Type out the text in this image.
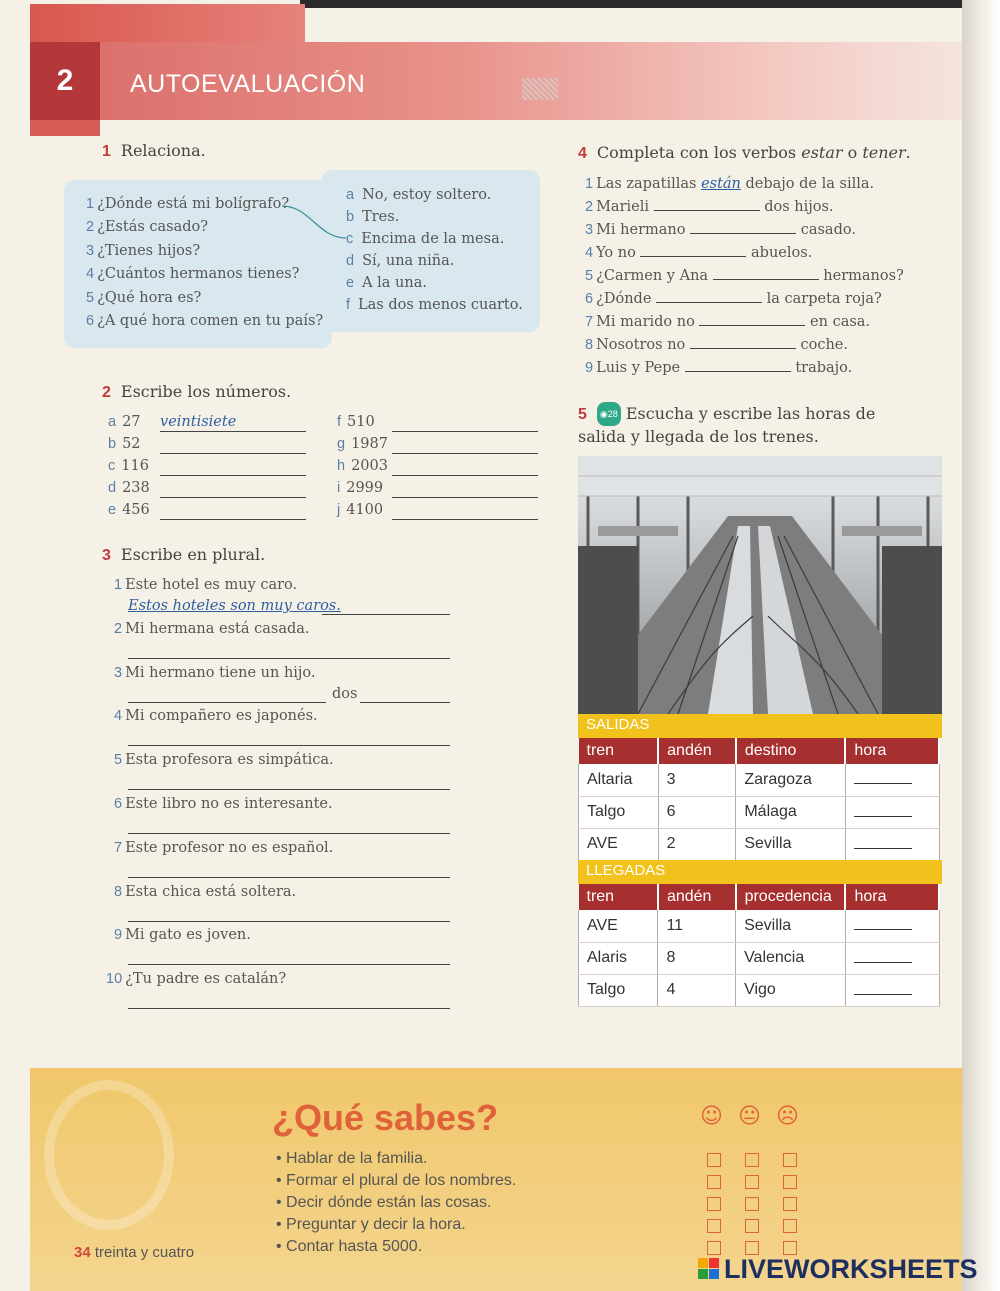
2	AUTOEVALUACIÓN
1 Relaciona.
1 ¿Dónde está mi bolígrafo?
2 ¿Estás casado?
3 ¿Tienes hijos?
4 ¿Cuántos hermanos tienes?
5 ¿Qué hora es?
6 ¿A qué hora comen en tu país?
a No, estoy soltero.
b Tres.
c Encima de la mesa.
d Sí, una niña.
e A la una.
f Las dos menos cuarto.
2 Escribe los números.
a 27 veintisiete
b 52
c 116
d 238
e 456
f 510
g 1987
h 2003
i 2999
j 4100
3 Escribe en plural.
1 Este hotel es muy caro.
Estos hoteles son muy caros.
2 Mi hermana está casada.
3 Mi hermano tiene un hijo.
dos
4 Mi compañero es japonés.
5 Esta profesora es simpática.
6 Este libro no es interesante.
7 Este profesor no es español.
8 Esta chica está soltera.
9 Mi gato es joven.
10 ¿Tu padre es catalán?
4 Completa con los verbos estar o tener.
1 Las zapatillas están debajo de la silla.
2 Marieli	dos hijos.
3 Mi hermano	casado.
4 Yo no	abuelos.
5 ¿Carmen y Ana	hermanos?
6 ¿Dónde	la carpeta roja?
7 Mi marido no	en casa.
8 Nosotros no	coche.
9 Luis y Pepe	trabajo.
5 ◉28 Escucha y escribe las horas de
salida y llegada de los trenes.
SALIDAS
tren	andén	destino	hora
Altaria	3	Zaragoza	
Talgo	6	Málaga	
AVE	2	Sevilla	
LLEGADAS
tren	andén	procedencia	hora
AVE	11	Sevilla	
Alaris	8	Valencia	
Talgo	4	Vigo	
¿Qué sabes?
• Hablar de la familia.
• Formar el plural de los nombres.
• Decir dónde están las cosas.
• Preguntar y decir la hora.
• Contar hasta 5000.
☺ 😐 ☹
34 treinta y cuatro
LIVEWORKSHEETS
